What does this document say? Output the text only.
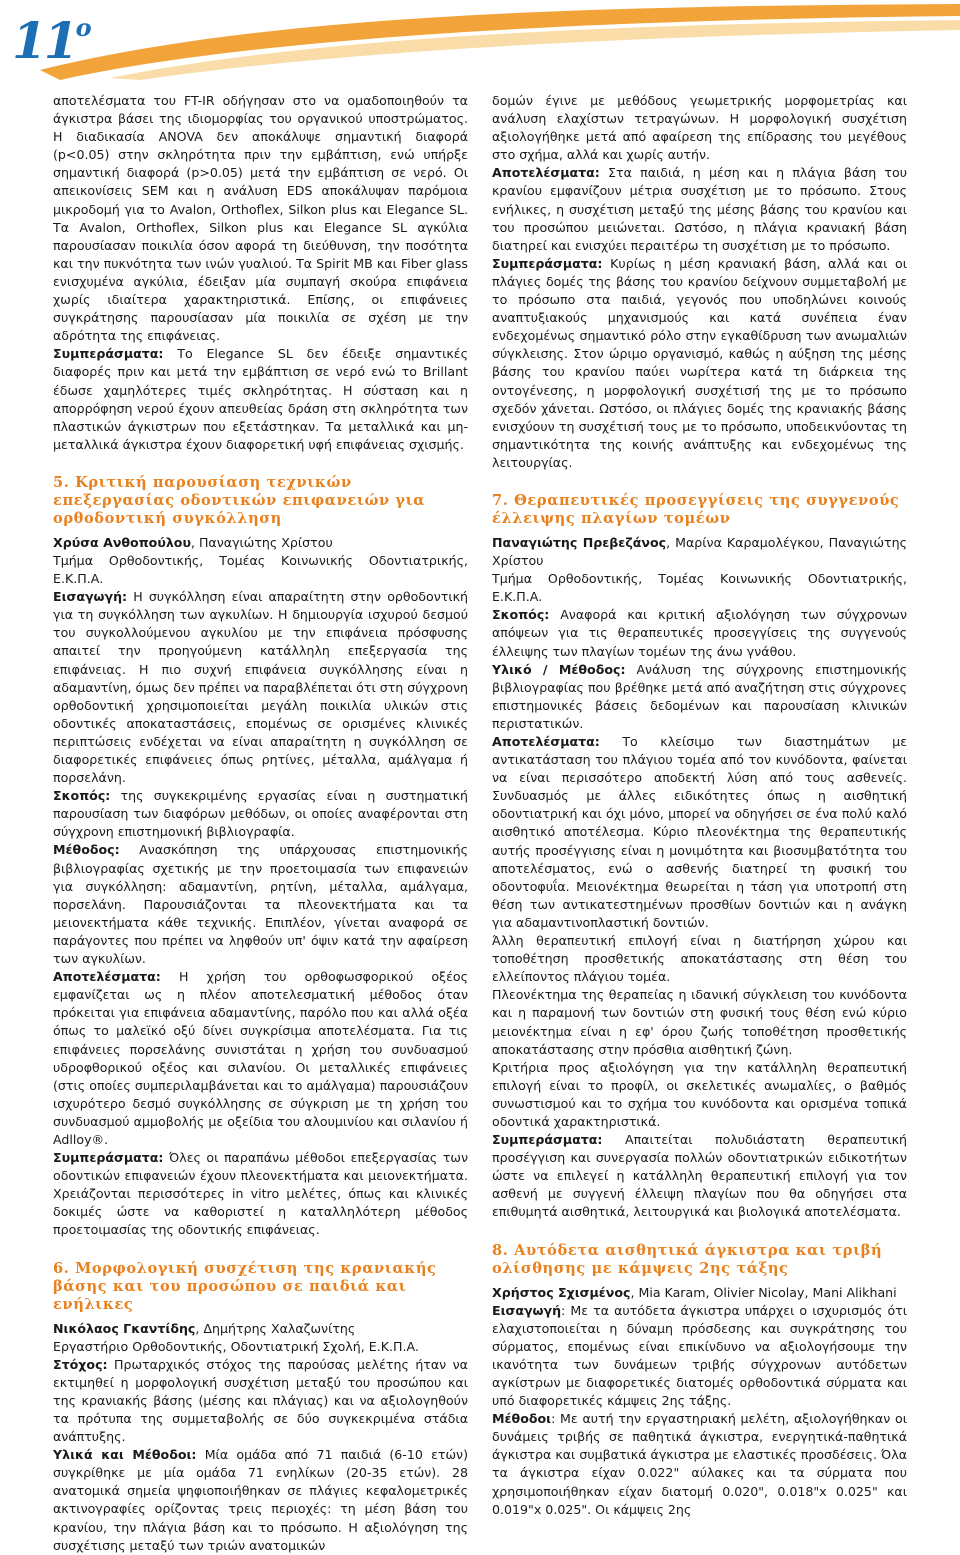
$11^o$

αποτελέσματα του FT-IR οδήγησαν στο να ομαδοποιηθούν τα άγκιστρα βάσει της ιδιομορφίας του οργανικού υποστρώματος. Η διαδικασία ANOVA δεν αποκάλυψε σημαντική διαφορά (p<0.05) στην σκληρότητα πριν την εμβάπτιση, ενώ υπήρξε σημαντική διαφορά (p>0.05) μετά την εμβάπτιση σε νερό. Οι απεικονίσεις SEM και η ανάλυση EDS αποκάλυψαν παρόμοια μικροδομή για το Avalon, Orthoflex, Silkon plus και Elegance SL. Τα Avalon, Orthoflex, Silkon plus και Elegance SL αγκύλια παρουσίασαν ποικιλία όσον αφορά τη διεύθυνση, την ποσότητα και την πυκνότητα των ινών γυαλιού. Τα Spirit MB και Fiber glass ενισχυμένα αγκύλια, έδειξαν μία συμπαγή σκούρα επιφάνεια χωρίς ιδιαίτερα χαρακτηριστικά. Επίσης, οι επιφάνειες συγκράτησης παρουσίασαν μία ποικιλία σε σχέση με την αδρότητα της επιφάνειας.

Συμπεράσματα: Το Elegance SL δεν έδειξε σημαντικές διαφορές πριν και μετά την εμβάπτιση σε νερό ενώ το Brillant έδωσε χαμηλότερες τιμές σκληρότητας. Η σύσταση και η απορρόφηση νερού έχουν απευθείας δράση στη σκληρότητα των πλαστικών άγκιστρων που εξετάστηκαν. Τα μεταλλικά και μη-μεταλλικά άγκιστρα έχουν διαφορετική υφή επιφάνειας σχισμής.

5. Κριτική παρουσίαση τεχνικών επεξεργασίας οδοντικών επιφανειών για ορθοδοντική συγκόλληση

Χρύσα Ανθοπούλου, Παναγιώτης Χρίστου

Τμήμα Ορθοδοντικής, Τομέας Κοινωνικής Οδοντιατρικής, Ε.Κ.Π.Α.

Εισαγωγή: Η συγκόλληση είναι απαραίτητη στην ορθοδοντική για τη συγκόλληση των αγκυλίων. Η δημιουργία ισχυρού δεσμού του συγκολλούμενου αγκυλίου με την επιφάνεια πρόσφυσης απαιτεί την προηγούμενη κατάλληλη επεξεργασία της επιφάνειας. Η πιο συχνή επιφάνεια συγκόλλησης είναι η αδαμαντίνη, όμως δεν πρέπει να παραβλέπεται ότι στη σύγχρονη ορθοδοντική χρησιμοποιείται μεγάλη ποικιλία υλικών στις οδοντικές αποκαταστάσεις, επομένως σε ορισμένες κλινικές περιπτώσεις ενδέχεται να είναι απαραίτητη η συγκόλληση σε διαφορετικές επιφάνειες όπως ρητίνες, μέταλλα, αμάλγαμα ή πορσελάνη.

Σκοπός: της συγκεκριμένης εργασίας είναι η συστηματική παρουσίαση των διαφόρων μεθόδων, οι οποίες αναφέρονται στη σύγχρονη επιστημονική βιβλιογραφία.

Μέθοδος: Ανασκόπηση της υπάρχουσας επιστημονικής βιβλιογραφίας σχετικής με την προετοιμασία των επιφανειών για συγκόλληση: αδαμαντίνη, ρητίνη, μέταλλα, αμάλγαμα, πορσελάνη. Παρουσιάζονται τα πλεονεκτήματα και τα μειονεκτήματα κάθε τεχνικής. Επιπλέον, γίνεται αναφορά σε παράγοντες που πρέπει να ληφθούν υπ' όψιν κατά την αφαίρεση των αγκυλίων.

Αποτελέσματα: Η χρήση του ορθοφωσφορικού οξέος εμφανίζεται ως η πλέον αποτελεσματική μέθοδος όταν πρόκειται για επιφάνεια αδαμαντίνης, παρόλο που και αλλά οξέα όπως το μαλεϊκό οξύ δίνει συγκρίσιμα αποτελέσματα. Για τις επιφάνειες πορσελάνης συνιστάται η χρήση του συνδυασμού υδροφθορικού οξέος και σιλανίου. Οι μεταλλικές επιφάνειες (στις οποίες συμπεριλαμβάνεται και το αμάλγαμα) παρουσιάζουν ισχυρότερο δεσμό συγκόλλησης σε σύγκριση με τη χρήση του συνδυασμού αμμοβολής με οξείδια του αλουμινίου και σιλανίου ή Adlloy®.

Συμπεράσματα: Όλες οι παραπάνω μέθοδοι επεξεργασίας των οδοντικών επιφανειών έχουν πλεονεκτήματα και μειονεκτήματα. Χρειάζονται περισσότερες in vitro μελέτες, όπως και κλινικές δοκιμές ώστε να καθοριστεί η καταλληλότερη μέθοδος προετοιμασίας της οδοντικής επιφάνειας.

6. Μορφολογική συσχέτιση της κρανιακής βάσης και του προσώπου σε παιδιά και ενήλικες

Νικόλαος Γκαντίδης, Δημήτρης Χαλαζωνίτης

Εργαστήριο Ορθοδοντικής, Οδοντιατρική Σχολή, Ε.Κ.Π.Α.

Στόχος: Πρωταρχικός στόχος της παρούσας μελέτης ήταν να εκτιμηθεί η μορφολογική συσχέτιση μεταξύ του προσώπου και της κρανιακής βάσης (μέσης και πλάγιας) και να αξιολογηθούν τα πρότυπα της συμμεταβολής σε δύο συγκεκριμένα στάδια ανάπτυξης.

Υλικά και Μέθοδοι: Μία ομάδα από 71 παιδιά (6-10 ετών) συγκρίθηκε με μία ομάδα 71 ενηλίκων (20-35 ετών). 28 ανατομικά σημεία ψηφιοποιήθηκαν σε πλάγιες κεφαλομετρικές ακτινογραφίες ορίζοντας τρεις περιοχές: τη μέση βάση του κρανίου, την πλάγια βάση και το πρόσωπο. Η αξιολόγηση της συσχέτισης μεταξύ των τριών ανατομικών

δομών έγινε με μεθόδους γεωμετρικής μορφομετρίας και ανάλυση ελαχίστων τετραγώνων. Η μορφολογική συσχέτιση αξιολογήθηκε μετά από αφαίρεση της επίδρασης του μεγέθους στο σχήμα, αλλά και χωρίς αυτήν.

Αποτελέσματα: Στα παιδιά, η μέση και η πλάγια βάση του κρανίου εμφανίζουν μέτρια συσχέτιση με το πρόσωπο. Στους ενήλικες, η συσχέτιση μεταξύ της μέσης βάσης του κρανίου και του προσώπου μειώνεται. Ωστόσο, η πλάγια κρανιακή βάση διατηρεί και ενισχύει περαιτέρω τη συσχέτιση με το πρόσωπο.

Συμπεράσματα: Κυρίως η μέση κρανιακή βάση, αλλά και οι πλάγιες δομές της βάσης του κρανίου δείχνουν συμμεταβολή με το πρόσωπο στα παιδιά, γεγονός που υποδηλώνει κοινούς αναπτυξιακούς μηχανισμούς και κατά συνέπεια έναν ενδεχομένως σημαντικό ρόλο στην εγκαθίδρυση των ανωμαλιών σύγκλεισης. Στον ώριμο οργανισμό, καθώς η αύξηση της μέσης βάσης του κρανίου παύει νωρίτερα κατά τη διάρκεια της οντογένεσης, η μορφολογική συσχέτισή της με το πρόσωπο σχεδόν χάνεται. Ωστόσο, οι πλάγιες δομές της κρανιακής βάσης ενισχύουν τη συσχέτισή τους με το πρόσωπο, υποδεικνύοντας τη σημαντικότητα της κοινής ανάπτυξης και ενδεχομένως της λειτουργίας.

7. Θεραπευτικές προσεγγίσεις της συγγενούς έλλειψης πλαγίων τομέων

Παναγιώτης Πρεβεζάνος, Μαρίνα Καραμολέγκου, Παναγιώτης Χρίστου

Τμήμα Ορθοδοντικής, Τομέας Κοινωνικής Οδοντιατρικής, Ε.Κ.Π.Α.

Σκοπός: Αναφορά και κριτική αξιολόγηση των σύγχρονων απόψεων για τις θεραπευτικές προσεγγίσεις της συγγενούς έλλειψης των πλαγίων τομέων της άνω γνάθου.

Υλικό / Μέθοδος: Ανάλυση της σύγχρονης επιστημονικής βιβλιογραφίας που βρέθηκε μετά από αναζήτηση στις σύγχρονες επιστημονικές βάσεις δεδομένων και παρουσίαση κλινικών περιστατικών.

Αποτελέσματα: Το κλείσιμο των διαστημάτων με αντικατάσταση του πλάγιου τομέα από τον κυνόδοντα, φαίνεται να είναι περισσότερο αποδεκτή λύση από τους ασθενείς. Συνδυασμός με άλλες ειδικότητες όπως η αισθητική οδοντιατρική και όχι μόνο, μπορεί να οδηγήσει σε ένα πολύ καλό αισθητικό αποτέλεσμα. Κύριο πλεονέκτημα της θεραπευτικής αυτής προσέγγισης είναι η μονιμότητα και βιοσυμβατότητα του αποτελέσματος, ενώ ο ασθενής διατηρεί τη φυσική του οδοντοφυΐα. Μειονέκτημα θεωρείται η τάση για υποτροπή στη θέση των αντικατεστημένων προσθίων δοντιών και η ανάγκη για αδαμαντινοπλαστική δοντιών.

Άλλη θεραπευτική επιλογή είναι η διατήρηση χώρου και τοποθέτηση προσθετικής αποκατάστασης στη θέση του ελλείποντος πλάγιου τομέα.

Πλεονέκτημα της θεραπείας η ιδανική σύγκλειση του κυνόδοντα και η παραμονή των δοντιών στη φυσική τους θέση ενώ κύριο μειονέκτημα είναι η εφ' όρου ζωής τοποθέτηση προσθετικής αποκατάστασης στην πρόσθια αισθητική ζώνη.

Κριτήρια προς αξιολόγηση για την κατάλληλη θεραπευτική επιλογή είναι το προφίλ, οι σκελετικές ανωμαλίες, ο βαθμός συνωστισμού και το σχήμα του κυνόδοντα και ορισμένα τοπικά οδοντικά χαρακτηριστικά.

Συμπεράσματα: Απαιτείται πολυδιάστατη θεραπευτική προσέγγιση και συνεργασία πολλών οδοντιατρικών ειδικοτήτων ώστε να επιλεγεί η κατάλληλη θεραπευτική επιλογή για τον ασθενή με συγγενή έλλειψη πλαγίων που θα οδηγήσει στα επιθυμητά αισθητικά, λειτουργικά και βιολογικά αποτελέσματα.

8. Αυτόδετα αισθητικά άγκιστρα και τριβή ολίσθησης με κάμψεις 2ης τάξης

Χρήστος Σχισμένος, Mia Karam, Olivier Nicolay, Mani Alikhani

Εισαγωγή: Με τα αυτόδετα άγκιστρα υπάρχει ο ισχυρισμός ότι ελαχιστοποιείται η δύναμη πρόσδεσης και συγκράτησης του σύρματος, επομένως είναι επικίνδυνο να αξιολογήσουμε την ικανότητα των δυνάμεων τριβής σύγχρονων αυτόδετων αγκίστρων με διαφορετικές διατομές ορθοδοντικά σύρματα και υπό διαφορετικές κάμψεις 2ης τάξης.

Μέθοδοι: Με αυτή την εργαστηριακή μελέτη, αξιολογήθηκαν οι δυνάμεις τριβής σε παθητικά άγκιστρα, ενεργητικά-παθητικά άγκιστρα και συμβατικά άγκιστρα με ελαστικές προσδέσεις. Όλα τα άγκιστρα είχαν 0.022" αύλακες και τα σύρματα που χρησιμοποιήθηκαν είχαν διατομή 0.020", 0.018"x 0.025" και 0.019"x 0.025". Οι κάμψεις 2ης
